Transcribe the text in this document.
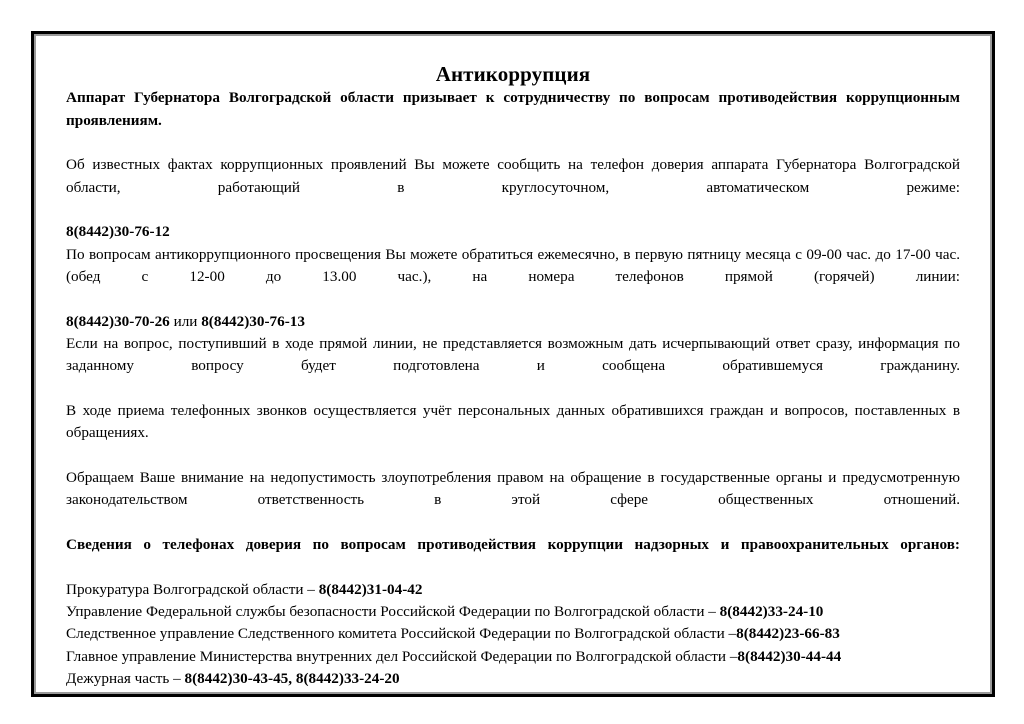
Антикоррупция

Аппарат Губернатора Волгоградской области призывает к сотрудничеству по вопросам противодействия коррупционным проявлениям.

Об известных фактах коррупционных проявлений Вы можете сообщить на телефон доверия аппарата Губернатора Волгоградской области, работающий в круглосуточном, автоматическом режиме:

8(8442)30-76-12

По вопросам антикоррупционного просвещения Вы можете обратиться ежемесячно, в первую пятницу месяца с 09-00 час. до 17-00 час. (обед с 12-00 до 13.00 час.), на номера телефонов прямой (горячей) линии:

8(8442)30-70-26 или 8(8442)30-76-13

Если на вопрос, поступивший в ходе прямой линии, не представляется возможным дать исчерпывающий ответ сразу, информация по заданному вопросу будет подготовлена и сообщена обратившемуся гражданину.

В ходе приема телефонных звонков осуществляется учёт персональных данных обратившихся граждан и вопросов, поставленных в обращениях.

Обращаем Ваше внимание на недопустимость злоупотребления правом на обращение в государственные органы и предусмотренную законодательством ответственность в этой сфере общественных отношений.

Сведения о телефонах доверия по вопросам противодействия коррупции надзорных и правоохранительных органов:

Прокуратура Волгоградской области – 8(8442)31-04-42

Управление Федеральной службы безопасности Российской Федерации по Волгоградской области – 8(8442)33-24-10

Следственное управление Следственного комитета Российской Федерации по Волгоградской области –8(8442)23-66-83

Главное управление Министерства внутренних дел Российской Федерации по Волгоградской области –8(8442)30-44-44

Дежурная часть – 8(8442)30-43-45, 8(8442)33-24-20
